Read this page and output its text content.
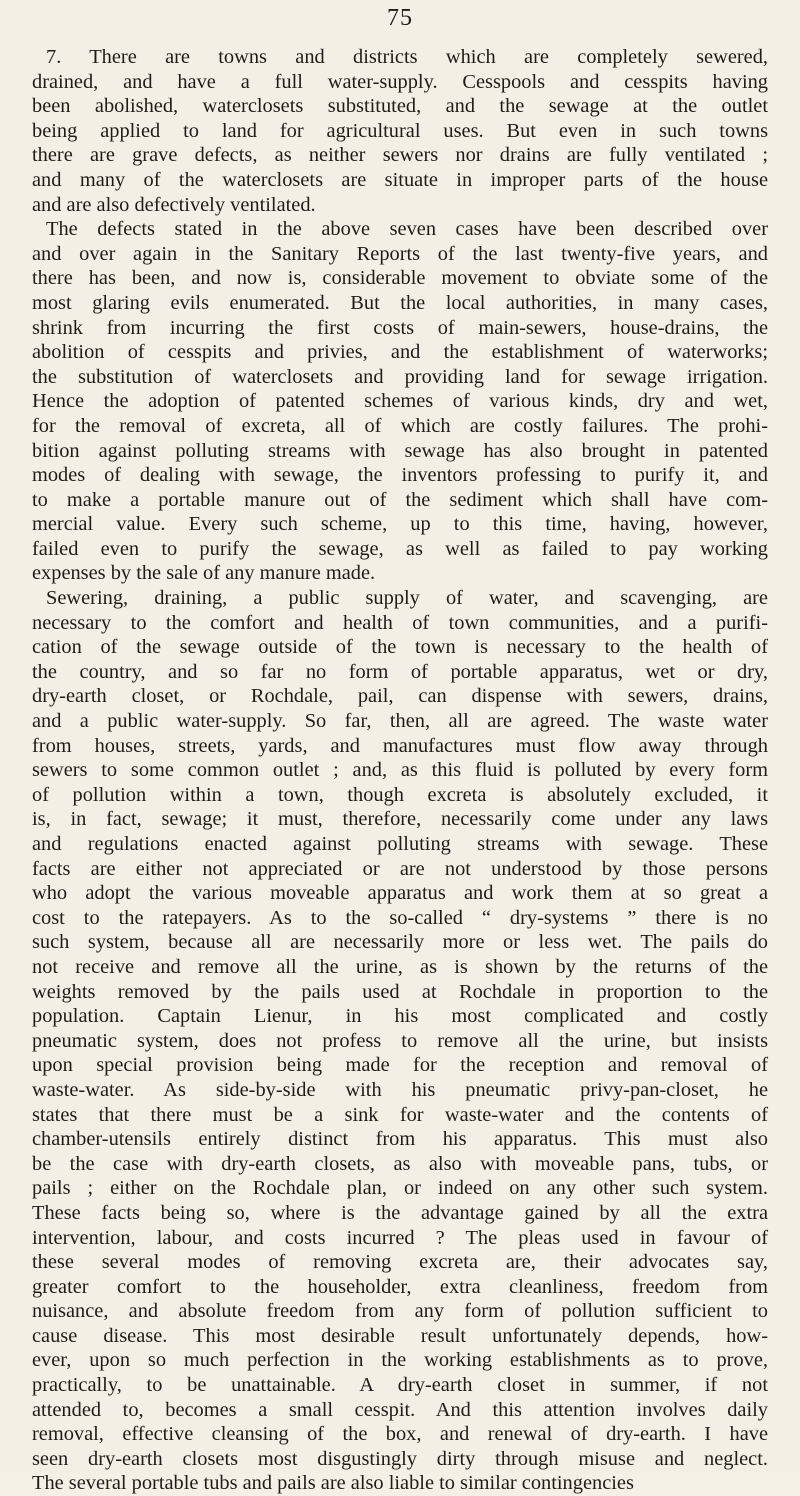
75
7. There are towns and districts which are completely sewered,
drained, and have a full water-supply. Cesspools and cesspits having
been abolished, waterclosets substituted, and the sewage at the outlet
being applied to land for agricultural uses. But even in such towns
there are grave defects, as neither sewers nor drains are fully ventilated ;
and many of the waterclosets are situate in improper parts of the house
and are also defectively ventilated.
The defects stated in the above seven cases have been described over
and over again in the Sanitary Reports of the last twenty-five years, and
there has been, and now is, considerable movement to obviate some of the
most glaring evils enumerated. But the local authorities, in many cases,
shrink from incurring the first costs of main-sewers, house-drains, the
abolition of cesspits and privies, and the establishment of waterworks;
the substitution of waterclosets and providing land for sewage irrigation.
Hence the adoption of patented schemes of various kinds, dry and wet,
for the removal of excreta, all of which are costly failures. The prohi-
bition against polluting streams with sewage has also brought in patented
modes of dealing with sewage, the inventors professing to purify it, and
to make a portable manure out of the sediment which shall have com-
mercial value. Every such scheme, up to this time, having, however,
failed even to purify the sewage, as well as failed to pay working
expenses by the sale of any manure made.
Sewering, draining, a public supply of water, and scavenging, are
necessary to the comfort and health of town communities, and a purifi-
cation of the sewage outside of the town is necessary to the health of
the country, and so far no form of portable apparatus, wet or dry,
dry-earth closet, or Rochdale, pail, can dispense with sewers, drains,
and a public water-supply. So far, then, all are agreed. The waste water
from houses, streets, yards, and manufactures must flow away through
sewers to some common outlet ; and, as this fluid is polluted by every form
of pollution within a town, though excreta is absolutely excluded, it
is, in fact, sewage; it must, therefore, necessarily come under any laws
and regulations enacted against polluting streams with sewage. These
facts are either not appreciated or are not understood by those persons
who adopt the various moveable apparatus and work them at so great a
cost to the ratepayers. As to the so-called “ dry-systems ” there is no
such system, because all are necessarily more or less wet. The pails do
not receive and remove all the urine, as is shown by the returns of the
weights removed by the pails used at Rochdale in proportion to the
population. Captain Lienur, in his most complicated and costly
pneumatic system, does not profess to remove all the urine, but insists
upon special provision being made for the reception and removal of
waste-water. As side-by-side with his pneumatic privy-pan-closet, he
states that there must be a sink for waste-water and the contents of
chamber-utensils entirely distinct from his apparatus. This must also
be the case with dry-earth closets, as also with moveable pans, tubs, or
pails ; either on the Rochdale plan, or indeed on any other such system.
These facts being so, where is the advantage gained by all the extra
intervention, labour, and costs incurred ? The pleas used in favour of
these several modes of removing excreta are, their advocates say,
greater comfort to the householder, extra cleanliness, freedom from
nuisance, and absolute freedom from any form of pollution sufficient to
cause disease. This most desirable result unfortunately depends, how-
ever, upon so much perfection in the working establishments as to prove,
practically, to be unattainable. A dry-earth closet in summer, if not
attended to, becomes a small cesspit. And this attention involves daily
removal, effective cleansing of the box, and renewal of dry-earth. I have
seen dry-earth closets most disgustingly dirty through misuse and neglect.
The several portable tubs and pails are also liable to similar contingencies
